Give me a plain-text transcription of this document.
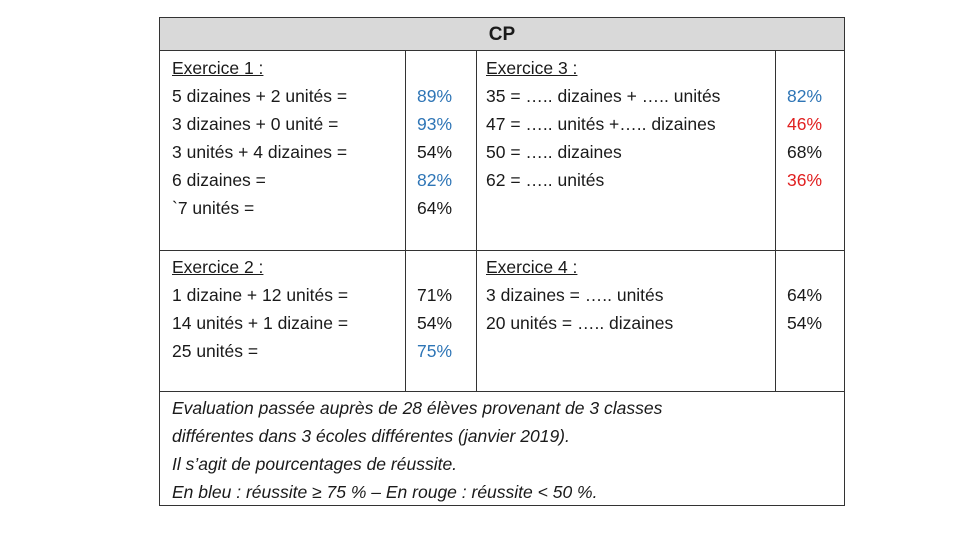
CP
Exercice 1 :
5 dizaines + 2 unités =
3 dizaines + 0 unité =
3 unités + 4 dizaines =
6 dizaines =
`7 unités =
89%
93%
54%
82%
64%
Exercice 3 :
35 = ….. dizaines + ….. unités
47 = ….. unités +….. dizaines
50 = ….. dizaines
62 = ….. unités
82%
46%
68%
36%
Exercice 2 :
1 dizaine + 12 unités =
14 unités + 1 dizaine =
25 unités =
71%
54%
75%
Exercice 4 :
3 dizaines = ….. unités
20 unités = ….. dizaines
64%
54%
Evaluation passée auprès de 28 élèves provenant de 3 classes
différentes dans 3 écoles différentes (janvier 2019).
Il s’agit de pourcentages de réussite.
En bleu : réussite ≥ 75 % – En rouge : réussite < 50 %.
